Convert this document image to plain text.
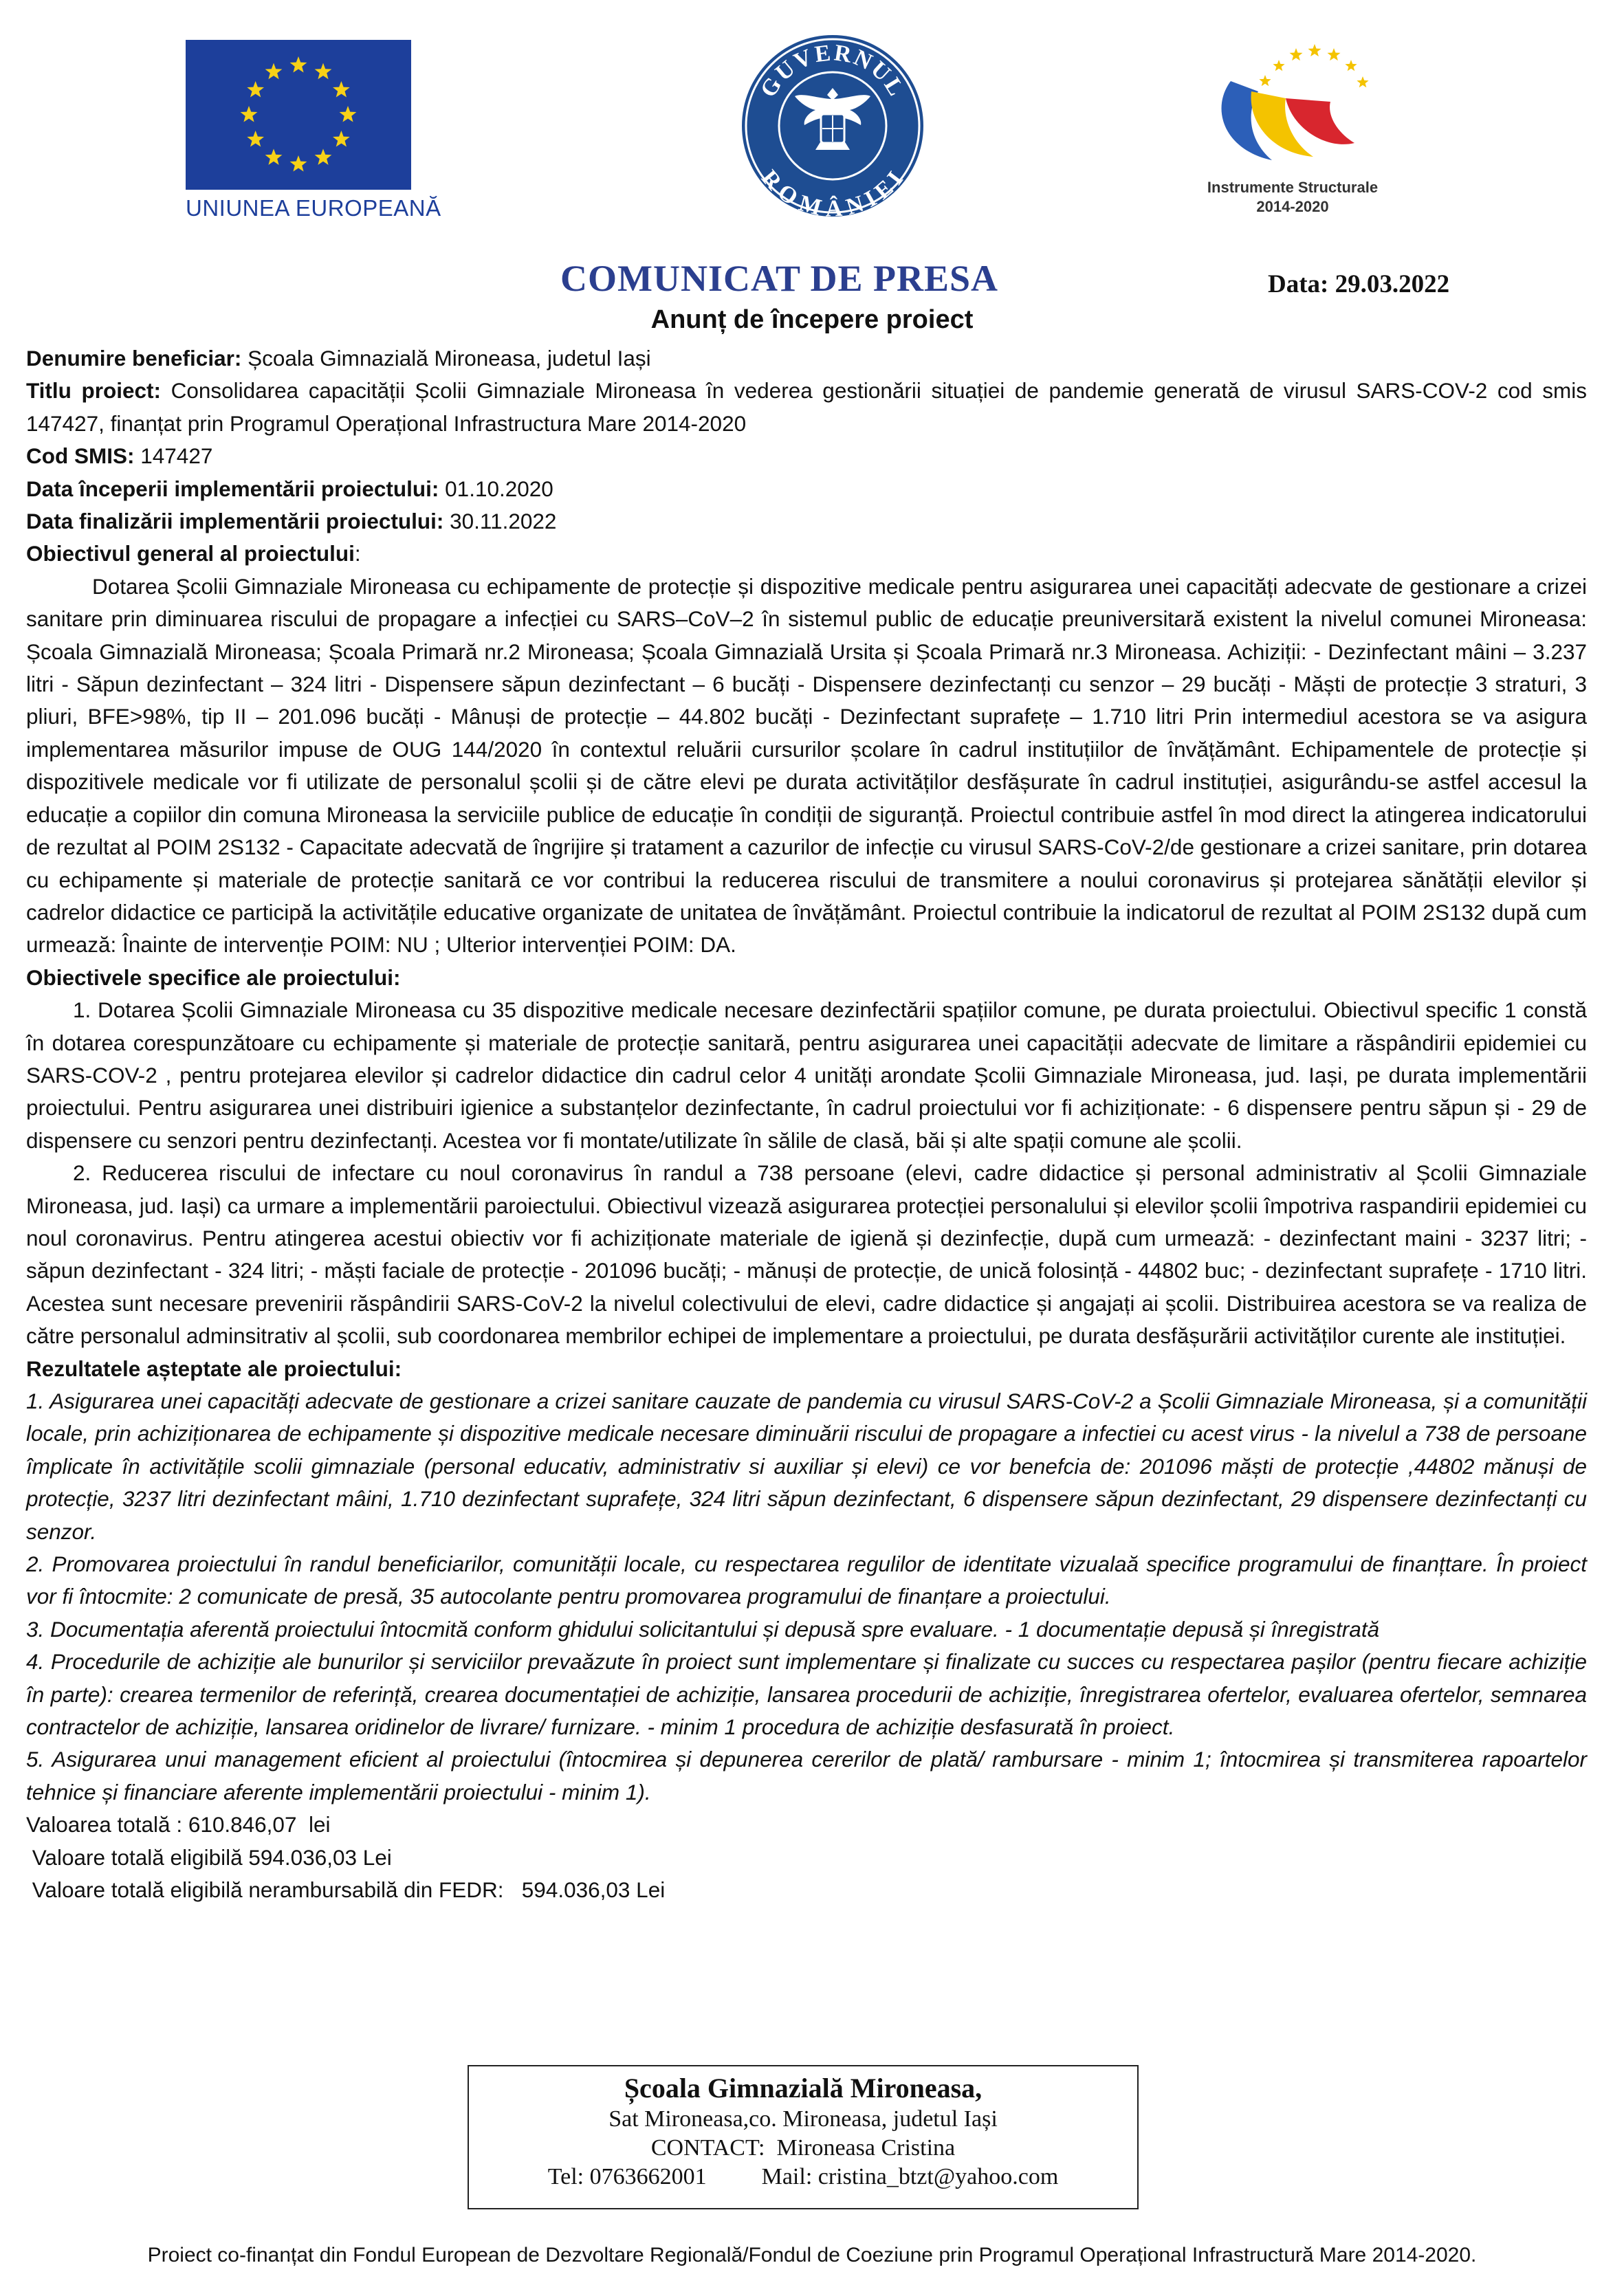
UNIUNEA EUROPEANĂ
GUVERNUL
ROMÂNIEI	Instrumente Structurale
2014-2020
COMUNICAT DE PRESA	Data: 29.03.2022
Anunț de începere proiect

Denumire beneficiar: Școala Gimnazială Mironeasa, judetul Iași

Titlu proiect: Consolidarea capacității Școlii Gimnaziale Mironeasa în vederea gestionării situației de pandemie generată de virusul SARS-COV-2 cod smis 147427, finanțat prin Programul Operațional Infrastructura Mare 2014-2020

Cod SMIS: 147427

Data începerii implementării proiectului: 01.10.2020

Data finalizării implementării proiectului: 30.11.2022

Obiectivul general al proiectului:

Dotarea Școlii Gimnaziale Mironeasa cu echipamente de protecție și dispozitive medicale pentru asigurarea unei capacități adecvate de gestionare a crizei sanitare prin diminuarea riscului de propagare a infecției cu SARS–CoV–2 în sistemul public de educație preuniversitară existent la nivelul comunei Mironeasa: Școala Gimnazială Mironeasa; Școala Primară nr.2 Mironeasa; Școala Gimnazială Ursita și Școala Primară nr.3 Mironeasa. Achiziții: - Dezinfectant mâini – 3.237 litri - Săpun dezinfectant – 324 litri - Dispensere săpun dezinfectant – 6 bucăți - Dispensere dezinfectanți cu senzor – 29 bucăți - Măști de protecție 3 straturi, 3 pliuri, BFE>98%, tip II – 201.096 bucăți - Mânuși de protecție – 44.802 bucăți - Dezinfectant suprafețe – 1.710 litri Prin intermediul acestora se va asigura implementarea măsurilor impuse de OUG 144/2020 în contextul reluării cursurilor școlare în cadrul instituțiilor de învățământ. Echipamentele de protecție și dispozitivele medicale vor fi utilizate de personalul școlii și de către elevi pe durata activităților desfășurate în cadrul instituției, asigurându-se astfel accesul la educație a copiilor din comuna Mironeasa la serviciile publice de educație în condiții de siguranță. Proiectul contribuie astfel în mod direct la atingerea indicatorului de rezultat al POIM 2S132 - Capacitate adecvată de îngrijire și tratament a cazurilor de infecție cu virusul SARS-CoV-2/de gestionare a crizei sanitare, prin dotarea cu echipamente și materiale de protecție sanitară ce vor contribui la reducerea riscului de transmitere a noului coronavirus și protejarea sănătății elevilor și cadrelor didactice ce participă la activitățile educative organizate de unitatea de învățământ. Proiectul contribuie la indicatorul de rezultat al POIM 2S132 după cum urmează: Înainte de intervenție POIM: NU ; Ulterior intervenției POIM: DA.

Obiectivele specifice ale proiectului:

1. Dotarea Școlii Gimnaziale Mironeasa cu 35 dispozitive medicale necesare dezinfectării spațiilor comune, pe durata proiectului. Obiectivul specific 1 constă în dotarea corespunzătoare cu echipamente și materiale de protecție sanitară, pentru asigurarea unei capacității adecvate de limitare a răspândirii epidemiei cu SARS-COV-2 , pentru protejarea elevilor și cadrelor didactice din cadrul celor 4 unități arondate Școlii Gimnaziale Mironeasa, jud. Iași, pe durata implementării proiectului. Pentru asigurarea unei distribuiri igienice a substanțelor dezinfectante, în cadrul proiectului vor fi achiziționate: - 6 dispensere pentru săpun și - 29 de dispensere cu senzori pentru dezinfectanți. Acestea vor fi montate/utilizate în sălile de clasă, băi și alte spații comune ale școlii.

2. Reducerea riscului de infectare cu noul coronavirus în randul a 738 persoane (elevi, cadre didactice și personal administrativ al Școlii Gimnaziale Mironeasa, jud. Iași) ca urmare a implementării paroiectului. Obiectivul vizează asigurarea protecției personalului și elevilor școlii împotriva raspandirii epidemiei cu noul coronavirus. Pentru atingerea acestui obiectiv vor fi achiziționate materiale de igienă și dezinfecție, după cum urmează: - dezinfectant maini - 3237 litri; - săpun dezinfectant - 324 litri; - măști faciale de protecție - 201096 bucăți; - mănuși de protecție, de unică folosință - 44802 buc; - dezinfectant suprafețe - 1710 litri. Acestea sunt necesare prevenirii răspândirii SARS-CoV-2 la nivelul colectivului de elevi, cadre didactice și angajați ai școlii. Distribuirea acestora se va realiza de către personalul adminsitrativ al școlii, sub coordonarea membrilor echipei de implementare a proiectului, pe durata desfășurării activităților curente ale instituției.

Rezultatele așteptate ale proiectului:

1. Asigurarea unei capacități adecvate de gestionare a crizei sanitare cauzate de pandemia cu virusul SARS-CoV-2 a Școlii Gimnaziale Mironeasa, și a comunității locale, prin achiziționarea de echipamente și dispozitive medicale necesare diminuării riscului de propagare a infectiei cu acest virus - la nivelul a 738 de persoane împlicate în activitățile scolii gimnaziale (personal educativ, administrativ si auxiliar și elevi) ce vor benefcia de: 201096 măști de protecție ,44802 mănuși de protecție, 3237 litri dezinfectant mâini, 1.710 dezinfectant suprafețe, 324 litri săpun dezinfectant, 6 dispensere săpun dezinfectant, 29 dispensere dezinfectanți cu senzor.

2. Promovarea proiectului în randul beneficiarilor, comunității locale, cu respectarea regulilor de identitate vizualaă specifice programului de finanțtare. În proiect vor fi întocmite: 2 comunicate de presă, 35 autocolante pentru promovarea programului de finanțare a proiectului.

3. Documentația aferentă proiectului întocmită conform ghidului solicitantului și depusă spre evaluare. - 1 documentație depusă și înregistrată

4. Procedurile de achiziție ale bunurilor și serviciilor prevaăzute în proiect sunt implementare și finalizate cu succes cu respectarea pașilor (pentru fiecare achiziție în parte): crearea termenilor de referință, crearea documentației de achiziție, lansarea procedurii de achiziție, înregistrarea ofertelor, evaluarea ofertelor, semnarea contractelor de achiziție, lansarea oridinelor de livrare/ furnizare. - minim 1 procedura de achiziție desfasurată în proiect.

5. Asigurarea unui management eficient al proiectului (întocmirea și depunerea cererilor de plată/ rambursare - minim 1; întocmirea și transmiterea rapoartelor tehnice și financiare aferente implementării proiectului - minim 1).

Valoarea totală : 610.846,07  lei

Valoare totală eligibilă 594.036,03 Lei

Valoare totală eligibilă nerambursabilă din FEDR:   594.036,03 Lei

Școala Gimnazială Mironeasa,
Sat Mironeasa,co. Mironeasa, judetul Iași
CONTACT:  Mironeasa Cristina
Tel: 0763662001 Mail: cristina_btzt@yahoo.com
Proiect co-finanțat din Fondul European de Dezvoltare Regională/Fondul de Coeziune prin Programul Operațional Infrastructură Mare 2014-2020.
